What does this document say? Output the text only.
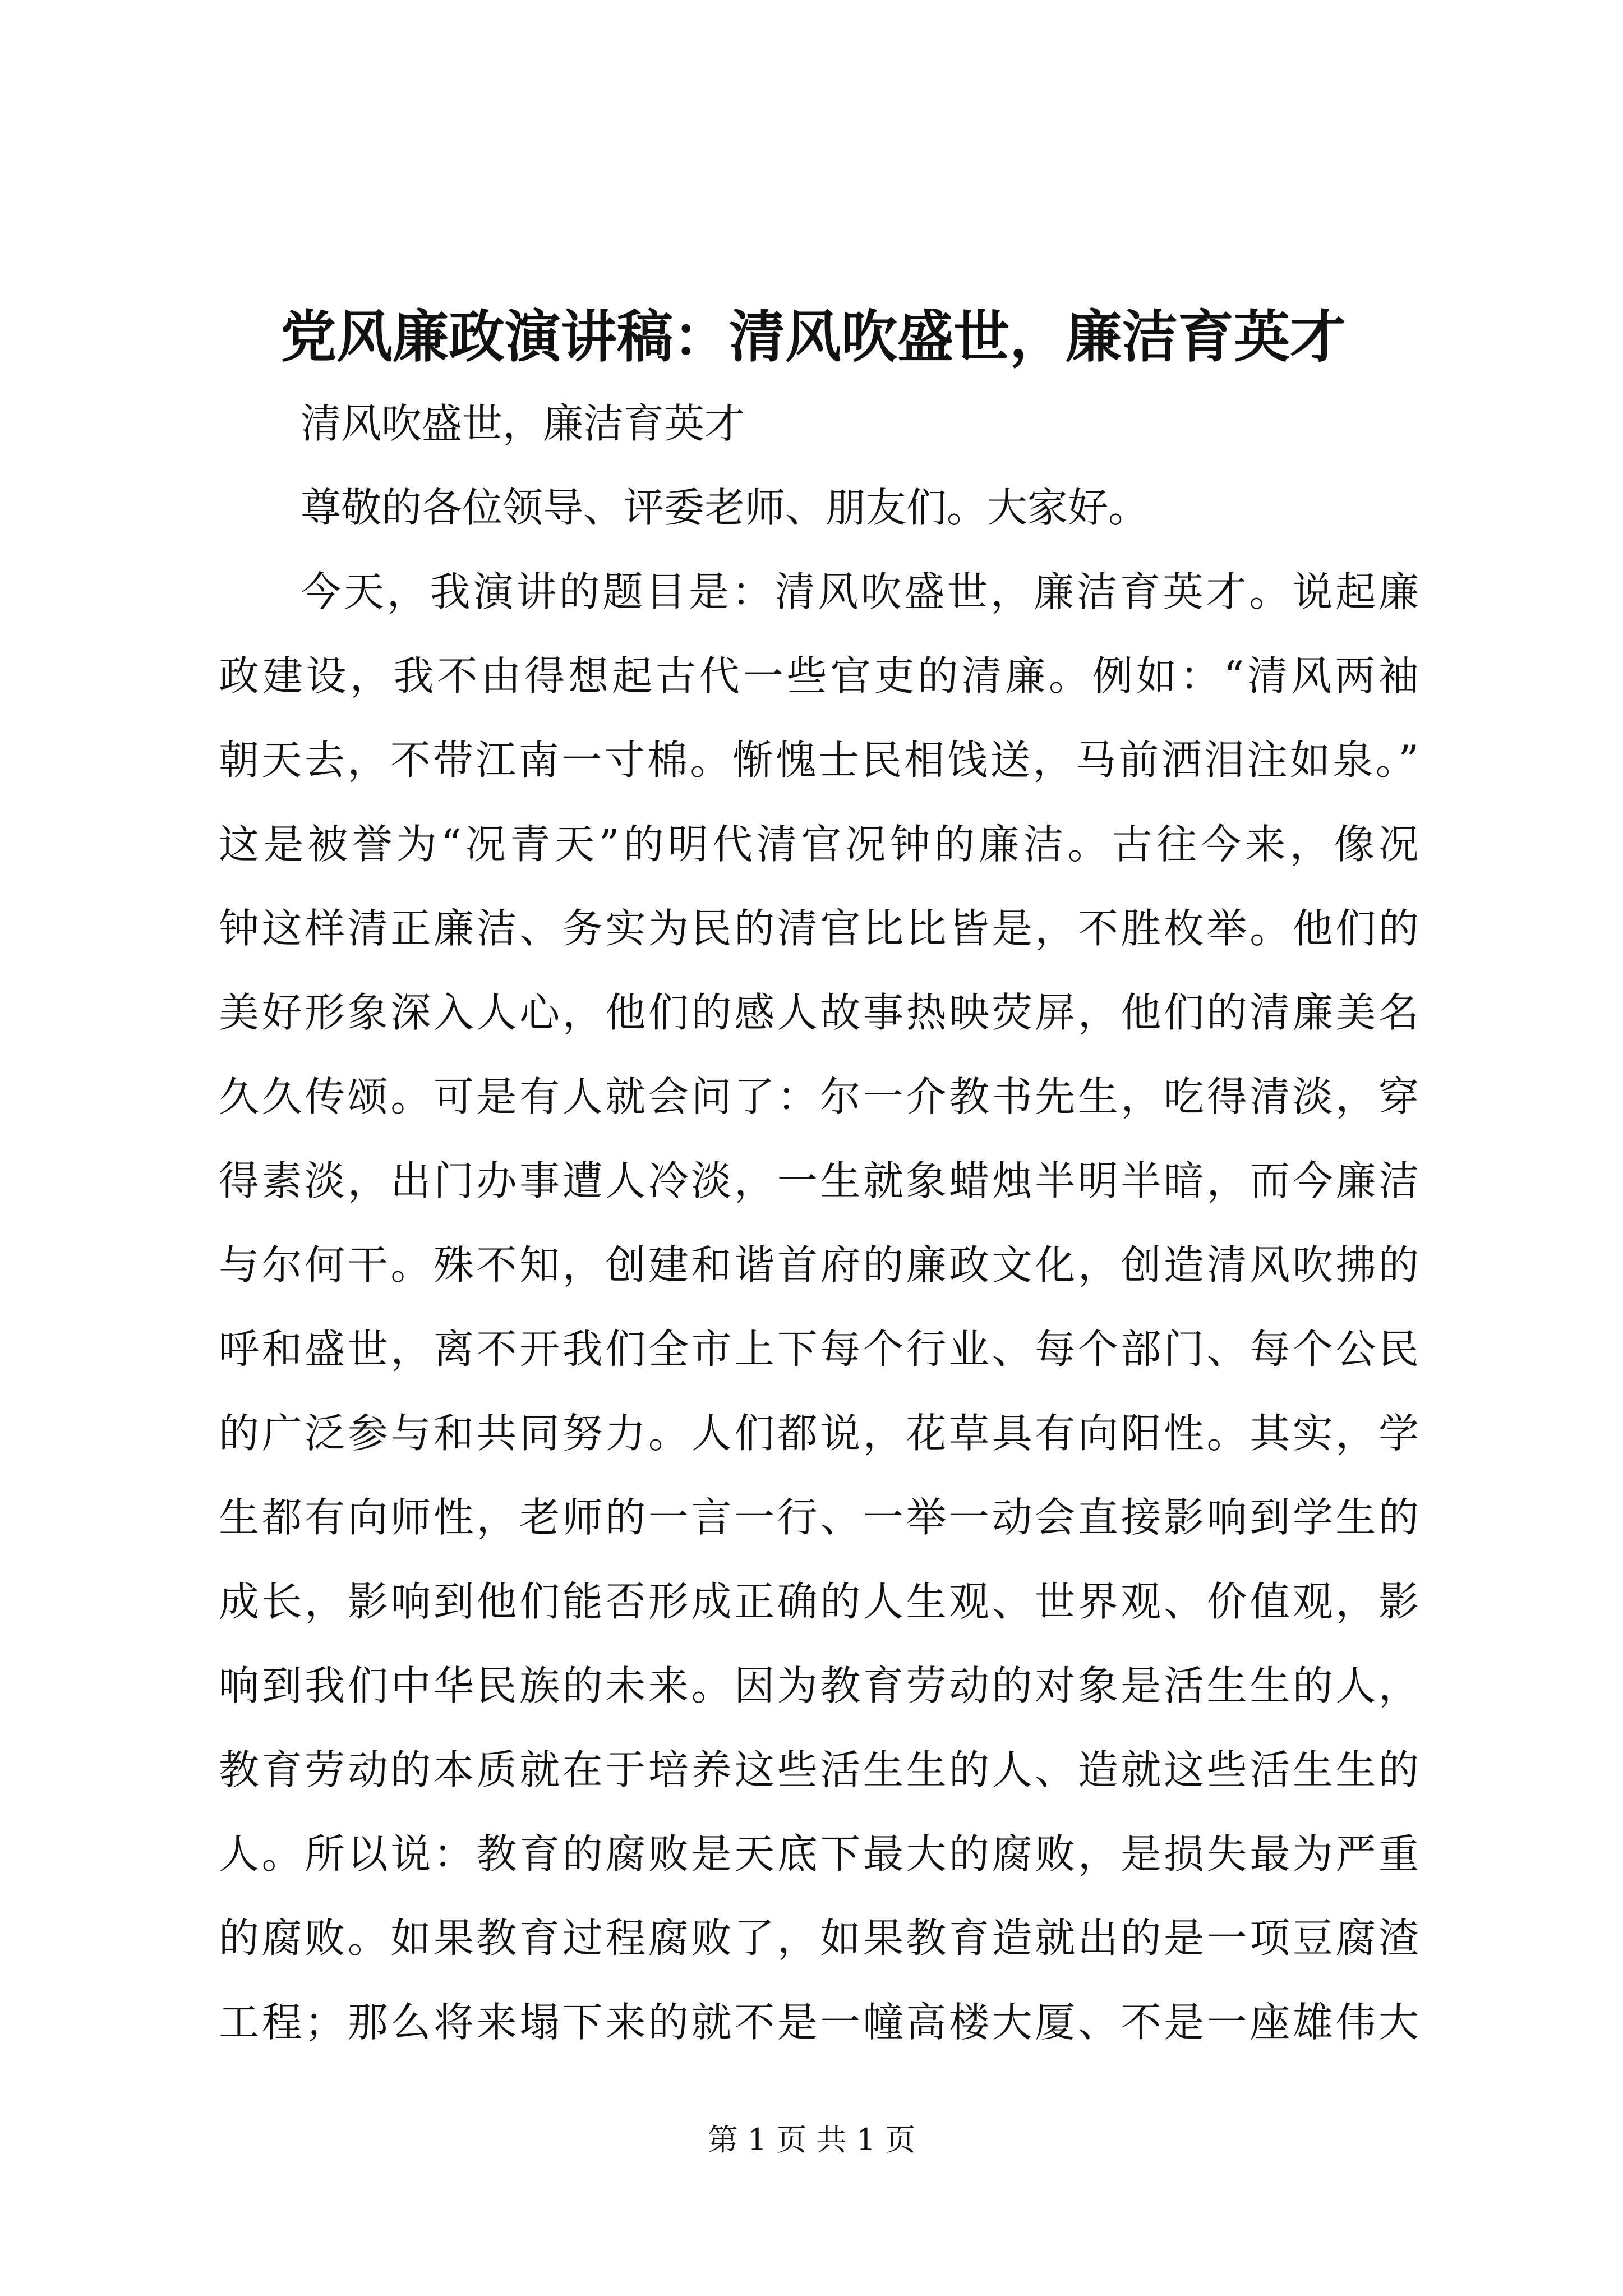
党风廉政演讲稿：清风吹盛世，廉洁育英才

清风吹盛世，廉洁育英才

尊敬的各位领导、评委老师、朋友们。大家好。

今天，我演讲的题目是：清风吹盛世，廉洁育英才。说起廉
政建设，我不由得想起古代一些官吏的清廉。例如：“清风两袖
朝天去，不带江南一寸棉。惭愧士民相饯送，马前洒泪注如泉。”
这是被誉为“况青天”的明代清官况钟的廉洁。古往今来，像况
钟这样清正廉洁、务实为民的清官比比皆是，不胜枚举。他们的
美好形象深入人心，他们的感人故事热映荧屏，他们的清廉美名
久久传颂。可是有人就会问了：尔一介教书先生，吃得清淡，穿
得素淡，出门办事遭人冷淡，一生就象蜡烛半明半暗，而今廉洁
与尔何干。殊不知，创建和谐首府的廉政文化，创造清风吹拂的
呼和盛世，离不开我们全市上下每个行业、每个部门、每个公民
的广泛参与和共同努力。人们都说，花草具有向阳性。其实，学
生都有向师性，老师的一言一行、一举一动会直接影响到学生的
成长，影响到他们能否形成正确的人生观、世界观、价值观，影
响到我们中华民族的未来。因为教育劳动的对象是活生生的人，
教育劳动的本质就在于培养这些活生生的人、造就这些活生生的
人。所以说：教育的腐败是天底下最大的腐败，是损失最为严重
的腐败。如果教育过程腐败了，如果教育造就出的是一项豆腐渣
工程；那么将来塌下来的就不是一幢高楼大厦、不是一座雄伟大

第 1 页 共 1 页
